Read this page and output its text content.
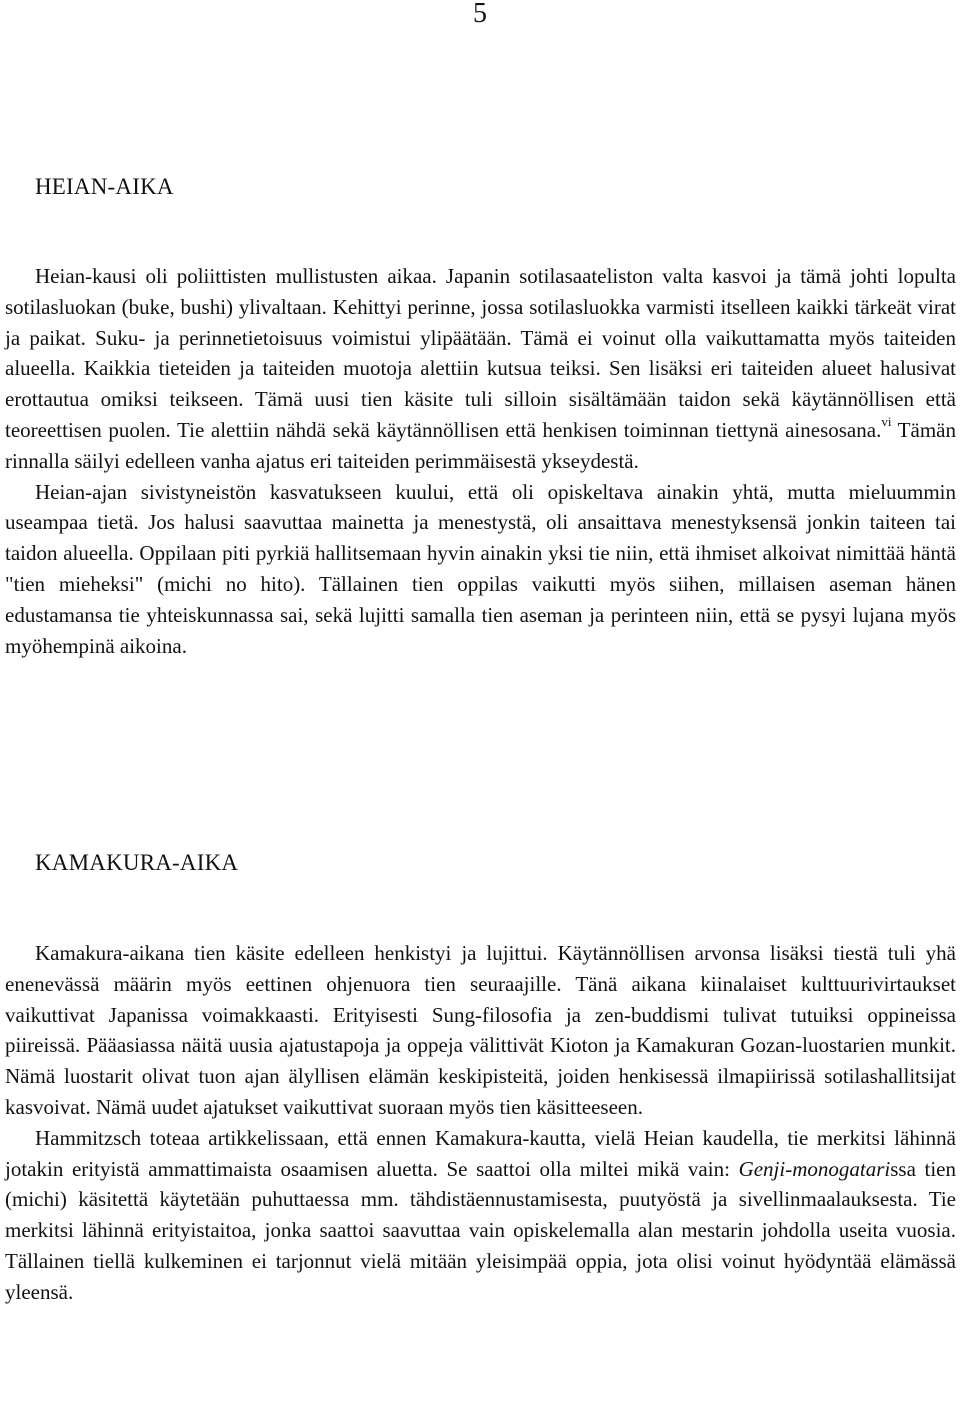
5
HEIAN-AIKA

Heian-kausi oli poliittisten mullistusten aikaa. Japanin sotilasaateliston valta kasvoi ja tämä johti lopulta sotilasluokan (buke, bushi) ylivaltaan. Kehittyi perinne, jossa sotilasluokka varmisti itselleen kaikki tärkeät virat ja paikat. Suku- ja perinnetietoisuus voimistui ylipäätään. Tämä ei voinut olla vaikuttamatta myös taiteiden alueella. Kaikkia tieteiden ja taiteiden muotoja alettiin kutsua teiksi. Sen lisäksi eri taiteiden alueet halusivat erottautua omiksi teikseen. Tämä uusi tien käsite tuli silloin sisältämään taidon sekä käytännöllisen että teoreettisen puolen. Tie alettiin nähdä sekä käytännöllisen että henkisen toiminnan tiettynä ainesosana.$^{vi}$ Tämän rinnalla säilyi edelleen vanha ajatus eri taiteiden perimmäisestä ykseydestä.

Heian-ajan sivistyneistön kasvatukseen kuului, että oli opiskeltava ainakin yhtä, mutta mieluummin useampaa tietä. Jos halusi saavuttaa mainetta ja menestystä, oli ansaittava menestyksensä jonkin taiteen tai taidon alueella. Oppilaan piti pyrkiä hallitsemaan hyvin ainakin yksi tie niin, että ihmiset alkoivat nimittää häntä "tien mieheksi" (michi no hito). Tällainen tien oppilas vaikutti myös siihen, millaisen aseman hänen edustamansa tie yhteiskunnassa sai, sekä lujitti samalla tien aseman ja perinteen niin, että se pysyi lujana myös myöhempinä aikoina.

KAMAKURA-AIKA

Kamakura-aikana tien käsite edelleen henkistyi ja lujittui. Käytännöllisen arvonsa lisäksi tiestä tuli yhä enenevässä määrin myös eettinen ohjenuora tien seuraajille. Tänä aikana kiinalaiset kulttuurivirtaukset vaikuttivat Japanissa voimakkaasti. Erityisesti Sung-filosofia ja zen-buddismi tulivat tutuiksi oppineissa piireissä. Pääasiassa näitä uusia ajatustapoja ja oppeja välittivät Kioton ja Kamakuran Gozan-luostarien munkit. Nämä luostarit olivat tuon ajan älyllisen elämän keskipisteitä, joiden henkisessä ilmapiirissä sotilashallitsijat kasvoivat. Nämä uudet ajatukset vaikuttivat suoraan myös tien käsitteeseen.

Hammitzsch toteaa artikkelissaan, että ennen Kamakura-kautta, vielä Heian kaudella, tie merkitsi lähinnä jotakin erityistä ammattimaista osaamisen aluetta. Se saattoi olla miltei mikä vain: Genji-monogatarissa tien (michi) käsitettä käytetään puhuttaessa mm. tähdistäennustamisesta, puutyöstä ja sivellinmaalauksesta. Tie merkitsi lähinnä erityistaitoa, jonka saattoi saavuttaa vain opiskelemalla alan mestarin johdolla useita vuosia. Tällainen tiellä kulkeminen ei tarjonnut vielä mitään yleisimpää oppia, jota olisi voinut hyödyntää elämässä yleensä.
